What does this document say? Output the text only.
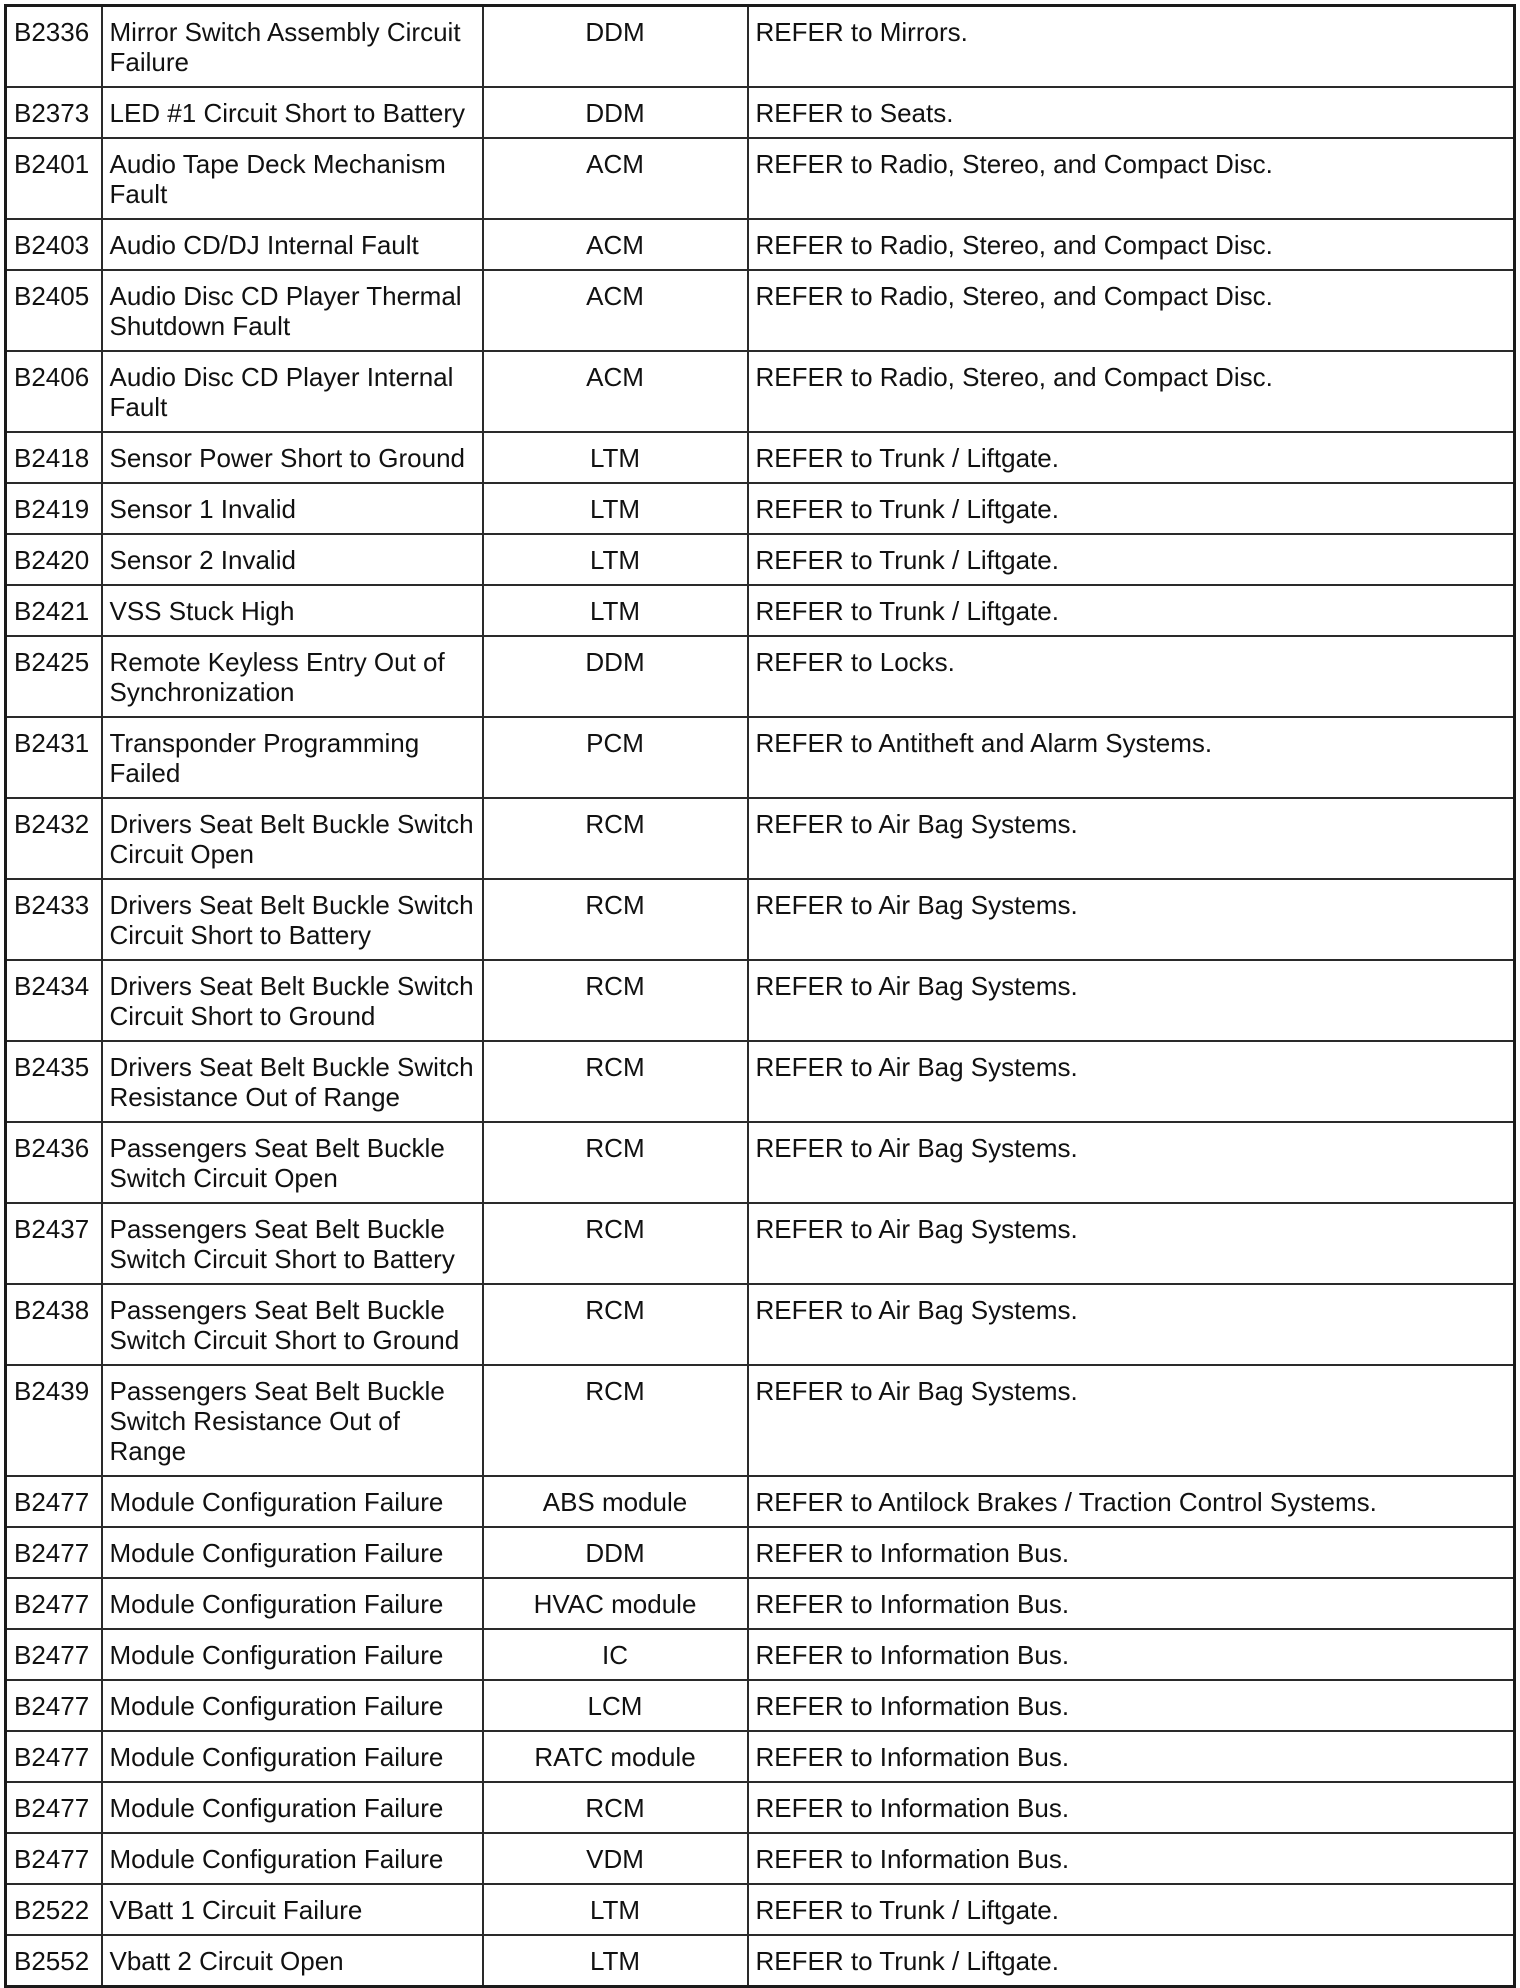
B2336	Mirror Switch Assembly Circuit Failure	DDM	REFER to Mirrors.
B2373	LED #1 Circuit Short to Battery	DDM	REFER to Seats.
B2401	Audio Tape Deck Mechanism Fault	ACM	REFER to Radio, Stereo, and Compact Disc.
B2403	Audio CD/DJ Internal Fault	ACM	REFER to Radio, Stereo, and Compact Disc.
B2405	Audio Disc CD Player Thermal Shutdown Fault	ACM	REFER to Radio, Stereo, and Compact Disc.
B2406	Audio Disc CD Player Internal Fault	ACM	REFER to Radio, Stereo, and Compact Disc.
B2418	Sensor Power Short to Ground	LTM	REFER to Trunk / Liftgate.
B2419	Sensor 1 Invalid	LTM	REFER to Trunk / Liftgate.
B2420	Sensor 2 Invalid	LTM	REFER to Trunk / Liftgate.
B2421	VSS Stuck High	LTM	REFER to Trunk / Liftgate.
B2425	Remote Keyless Entry Out of Synchronization	DDM	REFER to Locks.
B2431	Transponder Programming Failed	PCM	REFER to Antitheft and Alarm Systems.
B2432	Drivers Seat Belt Buckle Switch Circuit Open	RCM	REFER to Air Bag Systems.
B2433	Drivers Seat Belt Buckle Switch Circuit Short to Battery	RCM	REFER to Air Bag Systems.
B2434	Drivers Seat Belt Buckle Switch Circuit Short to Ground	RCM	REFER to Air Bag Systems.
B2435	Drivers Seat Belt Buckle Switch Resistance Out of Range	RCM	REFER to Air Bag Systems.
B2436	Passengers Seat Belt Buckle Switch Circuit Open	RCM	REFER to Air Bag Systems.
B2437	Passengers Seat Belt Buckle Switch Circuit Short to Battery	RCM	REFER to Air Bag Systems.
B2438	Passengers Seat Belt Buckle Switch Circuit Short to Ground	RCM	REFER to Air Bag Systems.
B2439	Passengers Seat Belt Buckle Switch Resistance Out of Range	RCM	REFER to Air Bag Systems.
B2477	Module Configuration Failure	ABS module	REFER to Antilock Brakes / Traction Control Systems.
B2477	Module Configuration Failure	DDM	REFER to Information Bus.
B2477	Module Configuration Failure	HVAC module	REFER to Information Bus.
B2477	Module Configuration Failure	IC	REFER to Information Bus.
B2477	Module Configuration Failure	LCM	REFER to Information Bus.
B2477	Module Configuration Failure	RATC module	REFER to Information Bus.
B2477	Module Configuration Failure	RCM	REFER to Information Bus.
B2477	Module Configuration Failure	VDM	REFER to Information Bus.
B2522	VBatt 1 Circuit Failure	LTM	REFER to Trunk / Liftgate.
B2552	Vbatt 2 Circuit Open	LTM	REFER to Trunk / Liftgate.
